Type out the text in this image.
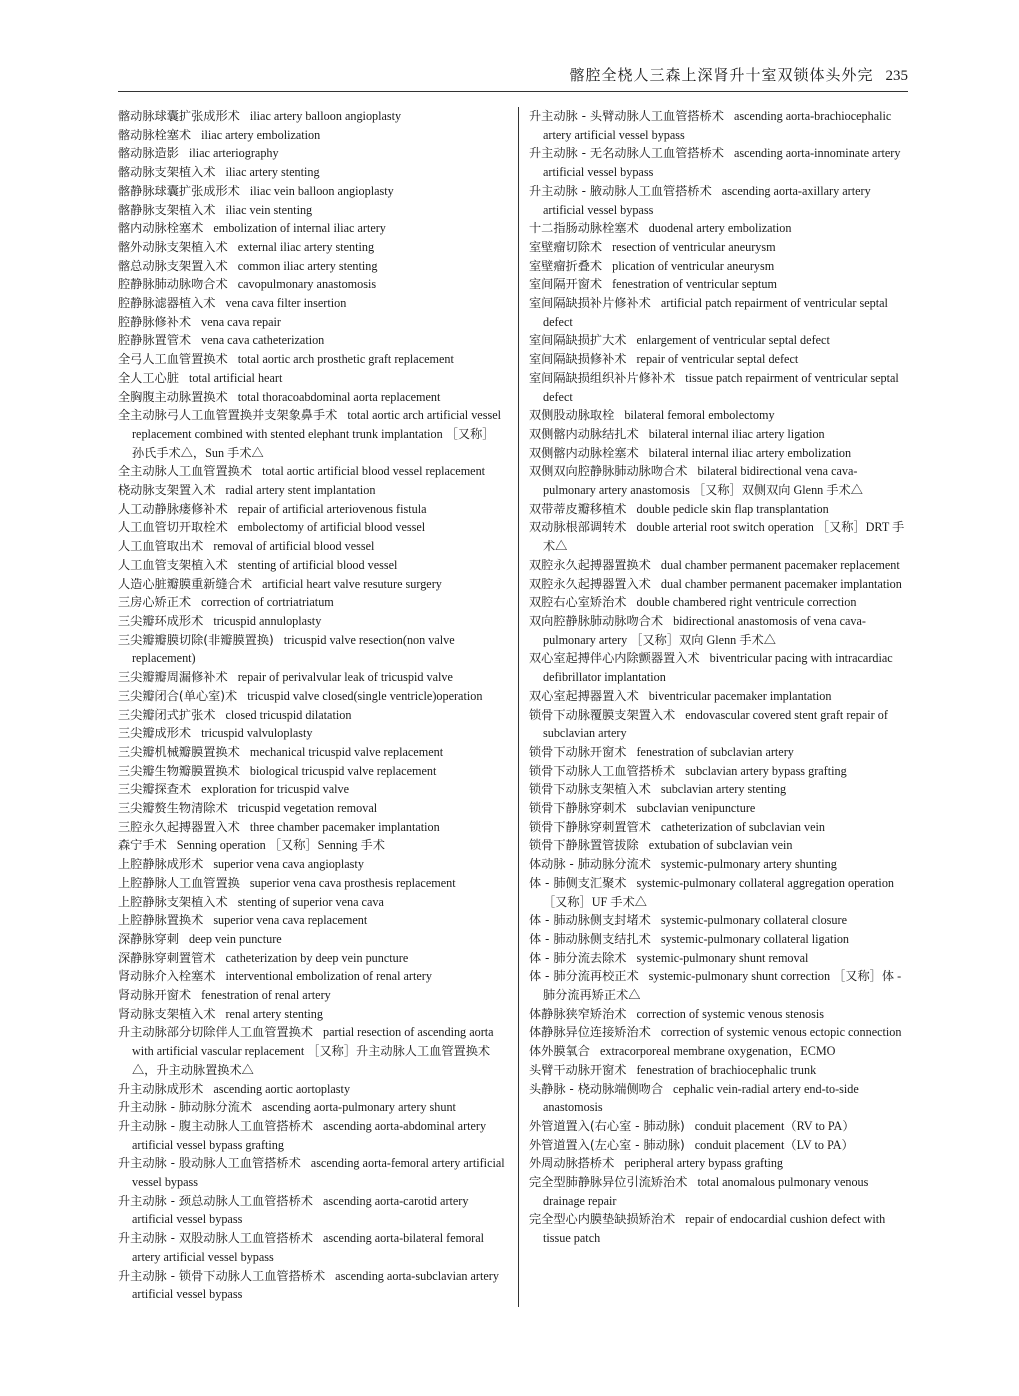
髂腔全桡人三森上深肾升十室双锁体头外完 235
髂动脉球囊扩张成形术 iliac artery balloon angioplasty
髂动脉栓塞术 iliac artery embolization
髂动脉造影 iliac arteriography
髂动脉支架植入术 iliac artery stenting
髂静脉球囊扩张成形术 iliac vein balloon angioplasty
髂静脉支架植入术 iliac vein stenting
髂内动脉栓塞术 embolization of internal iliac artery
髂外动脉支架植入术 external iliac artery stenting
髂总动脉支架置入术 common iliac artery stenting
腔静脉肺动脉吻合术 cavopulmonary anastomosis
腔静脉滤器植入术 vena cava filter insertion
腔静脉修补术 vena cava repair
腔静脉置管术 vena cava catheterization
全弓人工血管置换术 total aortic arch prosthetic graft replacement
全人工心脏 total artificial heart
全胸腹主动脉置换术 total thoracoabdominal aorta replacement
全主动脉弓人工血管置换并支架象鼻手术 total aortic arch artificial vessel replacement combined with stented elephant trunk implantation ［又称］孙氏手术△，Sun 手术△
全主动脉人工血管置换术 total aortic artificial blood vessel replacement
桡动脉支架置入术 radial artery stent implantation
人工动静脉瘘修补术 repair of artificial arteriovenous fistula
人工血管切开取栓术 embolectomy of artificial blood vessel
人工血管取出术 removal of artificial blood vessel
人工血管支架植入术 stenting of artificial blood vessel
人造心脏瓣膜重新缝合术 artificial heart valve resuture surgery
三房心矫正术 correction of cortriatriatum
三尖瓣环成形术 tricuspid annuloplasty
三尖瓣瓣膜切除(非瓣膜置换) tricuspid valve resection(non valve replacement)
三尖瓣瓣周漏修补术 repair of perivalvular leak of tricuspid valve
三尖瓣闭合(单心室)术 tricuspid valve closed(single ventricle)operation
三尖瓣闭式扩张术 closed tricuspid dilatation
三尖瓣成形术 tricuspid valvuloplasty
三尖瓣机械瓣膜置换术 mechanical tricuspid valve replacement
三尖瓣生物瓣膜置换术 biological tricuspid valve replacement
三尖瓣探查术 exploration for tricuspid valve
三尖瓣赘生物清除术 tricuspid vegetation removal
三腔永久起搏器置入术 three chamber pacemaker implantation
森宁手术 Senning operation ［又称］Senning 手术
上腔静脉成形术 superior vena cava angioplasty
上腔静脉人工血管置换 superior vena cava prosthesis replacement
上腔静脉支架植入术 stenting of superior vena cava
上腔静脉置换术 superior vena cava replacement
深静脉穿刺 deep vein puncture
深静脉穿刺置管术 catheterization by deep vein puncture
肾动脉介入栓塞术 interventional embolization of renal artery
肾动脉开窗术 fenestration of renal artery
肾动脉支架植入术 renal artery stenting
升主动脉部分切除伴人工血管置换术 partial resection of ascending aorta with artificial vascular replacement ［又称］升主动脉人工血管置换术△，升主动脉置换术△
升主动脉成形术 ascending aortic aortoplasty
升主动脉 - 肺动脉分流术 ascending aorta-pulmonary artery shunt
升主动脉 - 腹主动脉人工血管搭桥术 ascending aorta-abdominal artery artificial vessel bypass grafting
升主动脉 - 股动脉人工血管搭桥术 ascending aorta-femoral artery artificial vessel bypass
升主动脉 - 颈总动脉人工血管搭桥术 ascending aorta-carotid artery artificial vessel bypass
升主动脉 - 双股动脉人工血管搭桥术 ascending aorta-bilateral femoral artery artificial vessel bypass
升主动脉 - 锁骨下动脉人工血管搭桥术 ascending aorta-subclavian artery artificial vessel bypass
升主动脉 - 头臂动脉人工血管搭桥术 ascending aorta-brachiocephalic artery artificial vessel bypass
升主动脉 - 无名动脉人工血管搭桥术 ascending aorta-innominate artery artificial vessel bypass
升主动脉 - 腋动脉人工血管搭桥术 ascending aorta-axillary artery artificial vessel bypass
十二指肠动脉栓塞术 duodenal artery embolization
室壁瘤切除术 resection of ventricular aneurysm
室壁瘤折叠术 plication of ventricular aneurysm
室间隔开窗术 fenestration of ventricular septum
室间隔缺损补片修补术 artificial patch repairment of ventricular septal defect
室间隔缺损扩大术 enlargement of ventricular septal defect
室间隔缺损修补术 repair of ventricular septal defect
室间隔缺损组织补片修补术 tissue patch repairment of ventricular septal defect
双侧股动脉取栓 bilateral femoral embolectomy
双侧髂内动脉结扎术 bilateral internal iliac artery ligation
双侧髂内动脉栓塞术 bilateral internal iliac artery embolization
双侧双向腔静脉肺动脉吻合术 bilateral bidirectional vena cava-pulmonary artery anastomosis ［又称］双侧双向 Glenn 手术△
双带蒂皮瓣移植术 double pedicle skin flap transplantation
双动脉根部调转术 double arterial root switch operation ［又称］DRT 手术△
双腔永久起搏器置换术 dual chamber permanent pacemaker replacement
双腔永久起搏器置入术 dual chamber permanent pacemaker implantation
双腔右心室矫治术 double chambered right ventricule correction
双向腔静脉肺动脉吻合术 bidirectional anastomosis of vena cava-pulmonary artery ［又称］双向 Glenn 手术△
双心室起搏伴心内除颤器置入术 biventricular pacing with intracardiac defibrillator implantation
双心室起搏器置入术 biventricular pacemaker implantation
锁骨下动脉覆膜支架置入术 endovascular covered stent graft repair of subclavian artery
锁骨下动脉开窗术 fenestration of subclavian artery
锁骨下动脉人工血管搭桥术 subclavian artery bypass grafting
锁骨下动脉支架植入术 subclavian artery stenting
锁骨下静脉穿刺术 subclavian venipuncture
锁骨下静脉穿刺置管术 catheterization of subclavian vein
锁骨下静脉置管拔除 extubation of subclavian vein
体动脉 - 肺动脉分流术 systemic-pulmonary artery shunting
体 - 肺侧支汇聚术 systemic-pulmonary collateral aggregation operation ［又称］UF 手术△
体 - 肺动脉侧支封堵术 systemic-pulmonary collateral closure
体 - 肺动脉侧支结扎术 systemic-pulmonary collateral ligation
体 - 肺分流去除术 systemic-pulmonary shunt removal
体 - 肺分流再校正术 systemic-pulmonary shunt correction ［又称］体 - 肺分流再矫正术△
体静脉狭窄矫治术 correction of systemic venous stenosis
体静脉异位连接矫治术 correction of systemic venous ectopic connection
体外膜氧合 extracorporeal membrane oxygenation，ECMO
头臂干动脉开窗术 fenestration of brachiocephalic trunk
头静脉 - 桡动脉端侧吻合 cephalic vein-radial artery end-to-side anastomosis
外管道置入(右心室 - 肺动脉) conduit placement（RV to PA）
外管道置入(左心室 - 肺动脉) conduit placement（LV to PA）
外周动脉搭桥术 peripheral artery bypass grafting
完全型肺静脉异位引流矫治术 total anomalous pulmonary venous drainage repair
完全型心内膜垫缺损矫治术 repair of endocardial cushion defect with tissue patch
